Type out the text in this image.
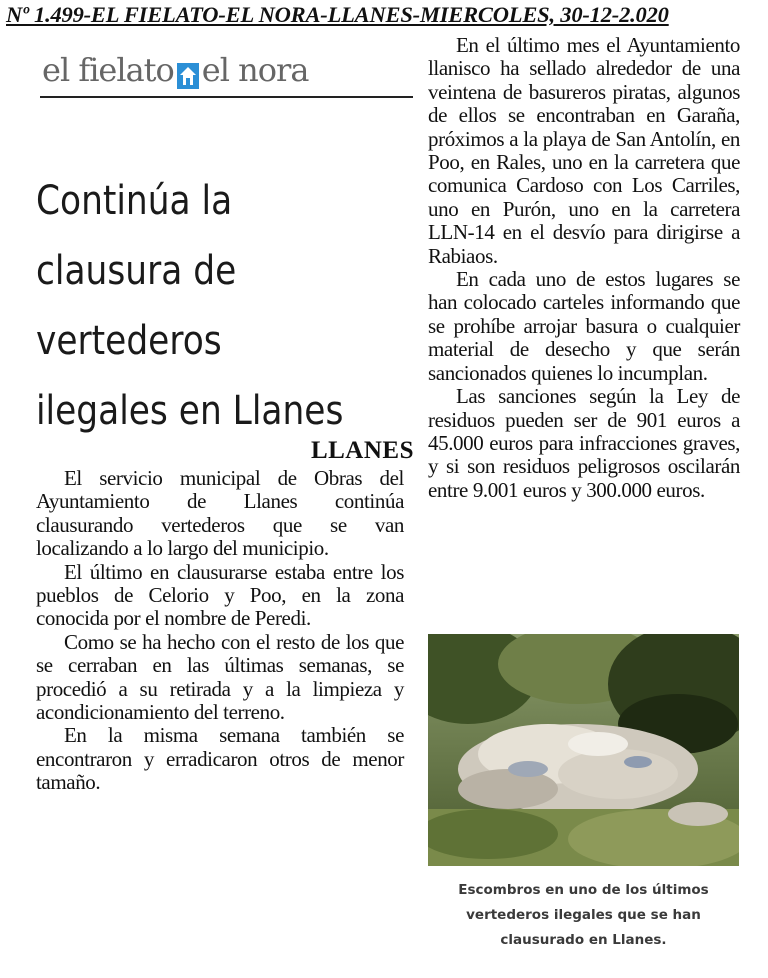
Nº 1.499-EL FIELATO-EL NORA-LLANES-MIERCOLES, 30-12-2.020
el fielato el nora
Continúa la
clausura de
vertederos
ilegales en Llanes
LLANES

El servicio municipal de Obras del Ayuntamiento de Llanes continúa clausurando vertederos que se van localizando a lo largo del municipio.

El último en clausurarse estaba entre los pueblos de Celorio y Poo, en la zona conocida por el nombre de Peredi.

Como se ha hecho con el resto de los que se cerraban en las últimas semanas, se procedió a su retirada y a la limpieza y acondicionamiento del terreno.

En la misma semana también se encontraron y erradicaron otros de menor tamaño.

En el último mes el Ayuntamiento llanisco ha sellado alrededor de una veintena de basureros piratas, algunos de ellos se encontraban en Garaña, próximos a la playa de San Antolín, en Poo, en Rales, uno en la carretera que comunica Cardoso con Los Carriles, uno en Purón, uno en la carretera LLN-14 en el desvío para dirigirse a Rabiaos.

En cada uno de estos lugares se han colocado carteles informando que se prohíbe arrojar basura o cualquier material de desecho y que serán sancionados quienes lo incumplan.

Las sanciones según la Ley de residuos pueden ser de 901 euros a 45.000 euros para infracciones graves, y si son residuos peligrosos oscilarán entre 9.001 euros y 300.000 euros.

Escombros en uno de los últimos
vertederos ilegales que se han
clausurado en Llanes.
